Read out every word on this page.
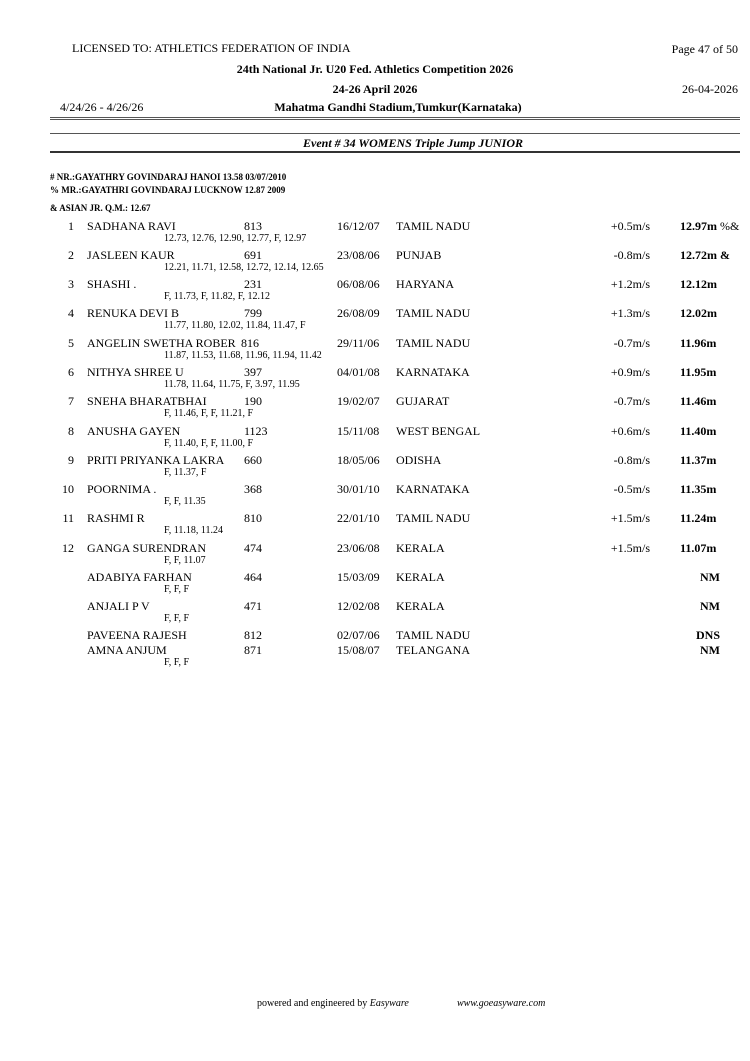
LICENSED TO: ATHLETICS FEDERATION OF INDIA	Page 47 of 50
24th National Jr. U20 Fed. Athletics Competition 2026
24-26 April 2026	26-04-2026
4/24/26 - 4/26/26	Mahatma Gandhi Stadium,Tumkur(Karnataka)
Event # 34 WOMENS Triple Jump JUNIOR
# NR.:GAYATHRY GOVINDARAJ HANOI 13.58 03/07/2010
% MR.:GAYATHRI GOVINDARAJ LUCKNOW 12.87 2009
& ASIAN JR. Q.M.: 12.67
1 SADHANA RAVI	813	16/12/07 TAMIL NADU	+0.5m/s	12.97m %&
12.73, 12.76, 12.90, 12.77, F, 12.97
2 JASLEEN KAUR	691	23/08/06 PUNJAB	-0.8m/s	12.72m &
12.21, 11.71, 12.58, 12.72, 12.14, 12.65
3 SHASHI .	231	06/08/06 HARYANA	+1.2m/s	12.12m
F, 11.73, F, 11.82, F, 12.12
4 RENUKA DEVI B	799	26/08/09 TAMIL NADU	+1.3m/s	12.02m
11.77, 11.80, 12.02, 11.84, 11.47, F
5 ANGELIN SWETHA ROBER 816	29/11/06 TAMIL NADU	-0.7m/s	11.96m
11.87, 11.53, 11.68, 11.96, 11.94, 11.42
6 NITHYA SHREE U	397	04/01/08 KARNATAKA	+0.9m/s	11.95m
11.78, 11.64, 11.75, F, 3.97, 11.95
7 SNEHA BHARATBHAI	190	19/02/07 GUJARAT	-0.7m/s	11.46m
F, 11.46, F, F, 11.21, F
8 ANUSHA GAYEN	1123	15/11/08 WEST BENGAL	+0.6m/s	11.40m
F, 11.40, F, F, 11.00, F
9 PRITI PRIYANKA LAKRA 660	18/05/06 ODISHA	-0.8m/s	11.37m
F, 11.37, F
10 POORNIMA .	368	30/01/10 KARNATAKA	-0.5m/s	11.35m
F, F, 11.35
11 RASHMI R	810	22/01/10 TAMIL NADU	+1.5m/s	11.24m
F, 11.18, 11.24
12 GANGA SURENDRAN	474	23/06/08 KERALA	+1.5m/s	11.07m
F, F, 11.07
ADABIYA FARHAN	464	15/03/09 KERALA	NM
F, F, F
ANJALI P V	471	12/02/08 KERALA	NM
F, F, F
PAVEENA RAJESH	812	02/07/06 TAMIL NADU	DNS
AMNA ANJUM	871	15/08/07 TELANGANA	NM
F, F, F
powered and engineered by Easyware	www.goeasyware.com
